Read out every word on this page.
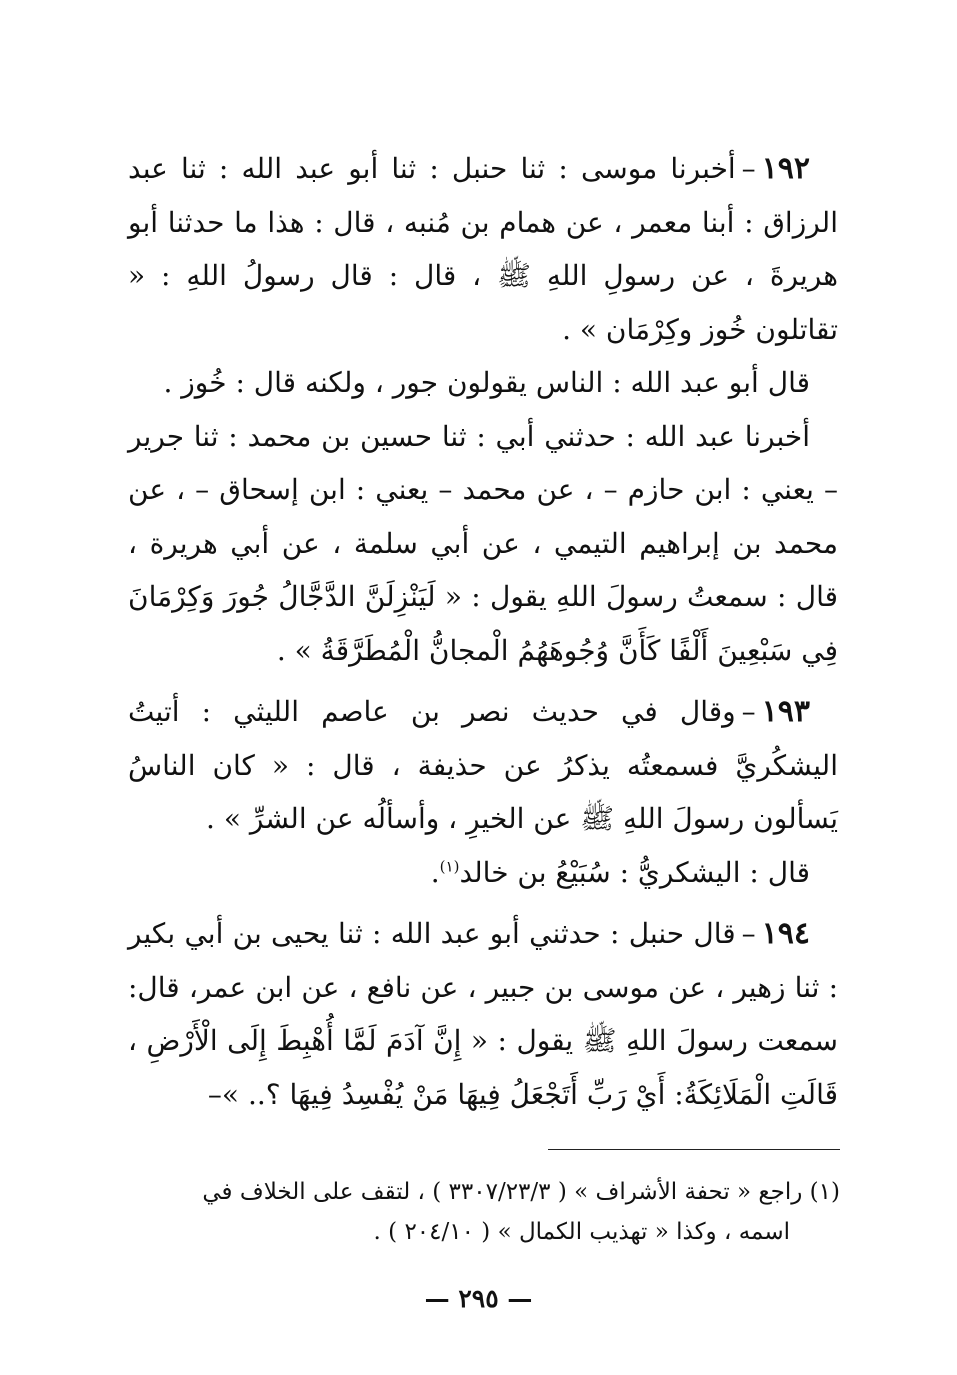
١٩٢–أخبرنا موسى : ثنا حنبل : ثنا أبو عبد الله : ثنا عبد الرزاق : أبنا معمر ، عن همام بن مُنبه ، قال : هذا ما حدثنا أبو هريرةَ ، عن رسولِ اللهِ ﷺ ، قال : قال رسولُ اللهِ : « تقاتلون خُوز وكِرْمَان » .

قال أبو عبد الله : الناس يقولون جور ، ولكنه قال : خُوز .

أخبرنا عبد الله : حدثني أبي : ثنا حسين بن محمد : ثنا جرير – يعني : ابن حازم – ، عن محمد – يعني : ابن إسحاق – ، عن محمد بن إبراهيم التيمي ، عن أبي سلمة ، عن أبي هريرة ، قال : سمعتُ رسولَ اللهِ يقول : « لَيَنْزِلَنَّ الدَّجَّالُ جُورَ وَكِرْمَانَ فِي سَبْعِينَ أَلْفًا كَأَنَّ وُجُوهَهُمُ الْمجانُّ الْمُطَرَّقَةُ » .

١٩٣–وقال في حديث نصر بن عاصم الليثي : أتيتُ اليشكُريَّ فسمعتُه يذكرُ عن حذيفة ، قال : « كان الناسُ يَسألون رسولَ اللهِ ﷺ عن الخيرِ ، وأسألُه عن الشرِّ » .

قال : اليشكريُّ : سُبَيْعُ بن خالد$^{(١)}$.

١٩٤–قال حنبل : حدثني أبو عبد الله : ثنا يحيى بن أبي بكير : ثنا زهير ، عن موسى بن جبير ، عن نافع ، عن ابن عمر، قال: سمعت رسولَ اللهِ ﷺ يقول : « إِنَّ آدَمَ لَمَّا أُهْبِطَ إِلَى الْأَرْضِ ، قَالَتِ الْمَلَائِكَةُ: أَيْ رَبِّ أَتَجْعَلُ فِيهَا مَنْ يُفْسِدُ فِيهَا ؟.. »–

(١) راجع « تحفة الأشراف » ( ٣٣٠٧/٢٣/٣ ) ، لتقف على الخلاف في

اسمه ، وكذا « تهذيب الكمال » ( ٢٠٤/١٠ ) .

— ٢٩٥ —
